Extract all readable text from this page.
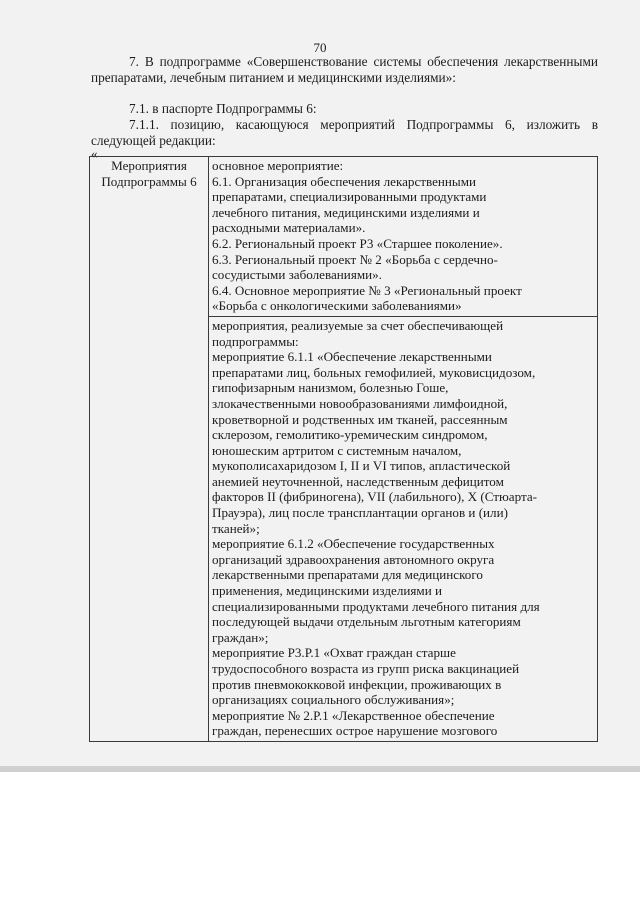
70

7. В подпрограмме «Совершенствование системы обеспечения лекарственными препаратами, лечебным питанием и медицинскими изделиями»:

7.1. в паспорте Подпрограммы 6:

7.1.1. позицию, касающуюся мероприятий Подпрограммы 6, изложить в следующей редакции:

«
Мероприятия Подпрограммы 6	
основное мероприятие:
6.1. Организация обеспечения лекарственными
препаратами, специализированными продуктами
лечебного питания, медицинскими изделиями и
расходными материалами».
6.2. Региональный проект Р3 «Старшее поколение».
6.3. Региональный проект № 2 «Борьба с сердечно-
сосудистыми заболеваниями».
6.4. Основное мероприятие № 3 «Региональный проект
«Борьба с онкологическими заболеваниями»

мероприятия, реализуемые за счет обеспечивающей
подпрограммы:
мероприятие 6.1.1 «Обеспечение лекарственными
препаратами лиц, больных гемофилией, муковисцидозом,
гипофизарным нанизмом, болезнью Гоше,
злокачественными новообразованиями лимфоидной,
кроветворной и родственных им тканей, рассеянным
склерозом, гемолитико-уремическим синдромом,
юношеским артритом с системным началом,
мукополисахаридозом I, II и VI типов, апластической
анемией неуточненной, наследственным дефицитом
факторов II (фибриногена), VII (лабильного), X (Стюарта-
Прауэра), лиц после трансплантации органов и (или)
тканей»;
мероприятие 6.1.2 «Обеспечение государственных
организаций здравоохранения автономного округа
лекарственными препаратами для медицинского
применения, медицинскими изделиями и
специализированными продуктами лечебного питания для
последующей выдачи отдельным льготным категориям
граждан»;
мероприятие Р3.Р.1 «Охват граждан старше
трудоспособного возраста из групп риска вакцинацией
против пневмококковой инфекции, проживающих в
организациях социального обслуживания»;
мероприятие № 2.Р.1 «Лекарственное обеспечение
граждан, перенесших острое нарушение мозгового
